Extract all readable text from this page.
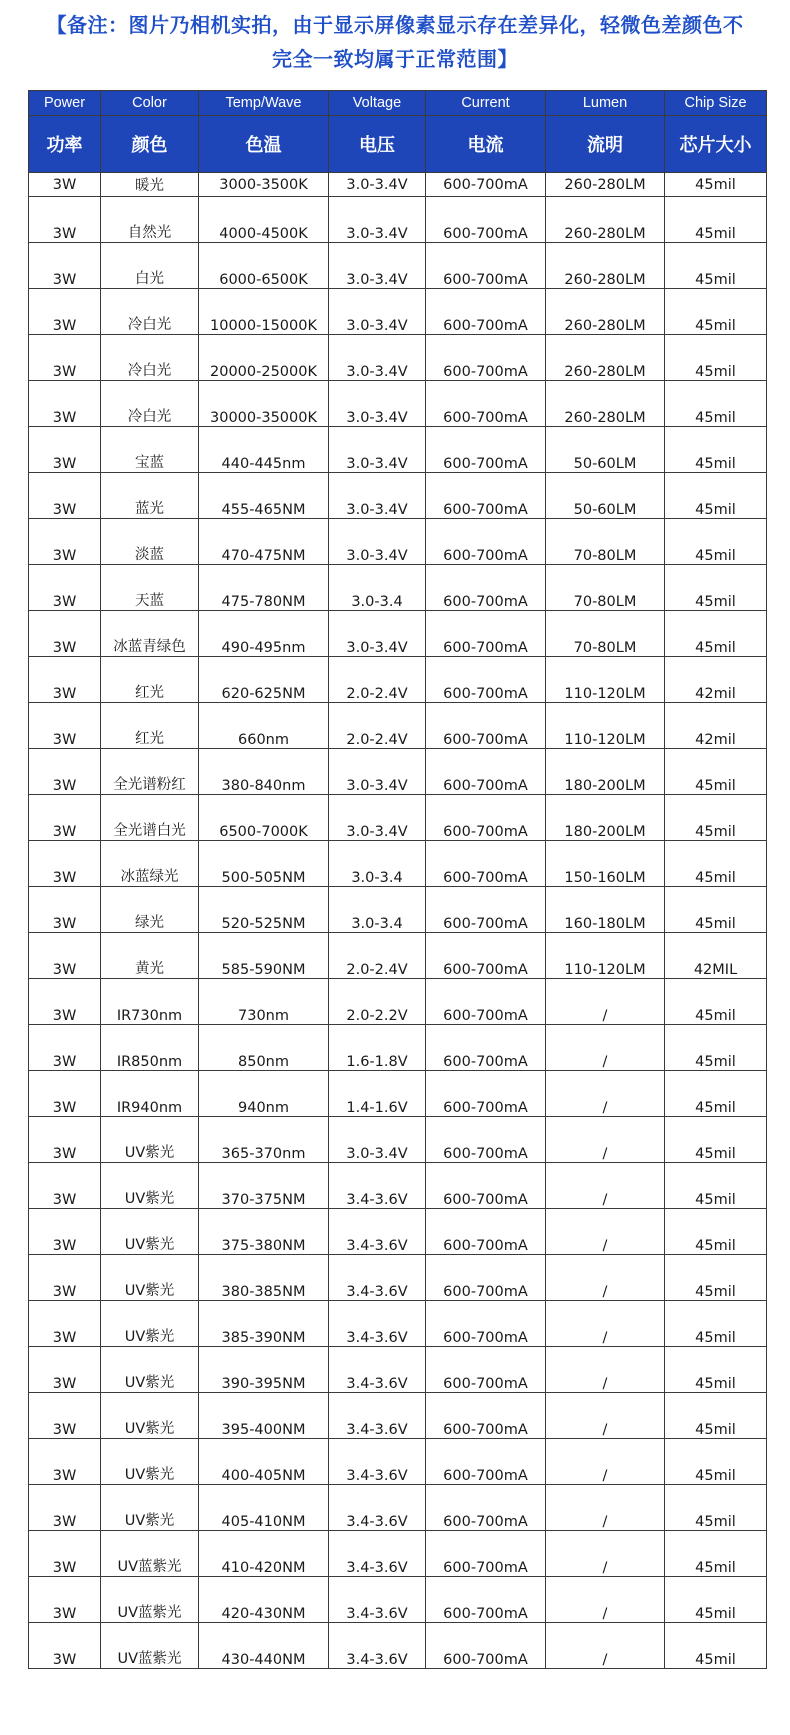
【备注：图片乃相机实拍，由于显示屏像素显示存在差异化，轻微色差颜色不
完全一致均属于正常范围】
Power	Color	Temp/Wave	Voltage	Current	Lumen	Chip Size
功率	颜色	色温	电压	电流	流明	芯片大小
3W	暖光	3000-3500K	3.0-3.4V	600-700mA	260-280LM	45mil
3W	自然光	4000-4500K	3.0-3.4V	600-700mA	260-280LM	45mil
3W	白光	6000-6500K	3.0-3.4V	600-700mA	260-280LM	45mil
3W	冷白光	10000-15000K	3.0-3.4V	600-700mA	260-280LM	45mil
3W	冷白光	20000-25000K	3.0-3.4V	600-700mA	260-280LM	45mil
3W	冷白光	30000-35000K	3.0-3.4V	600-700mA	260-280LM	45mil
3W	宝蓝	440-445nm	3.0-3.4V	600-700mA	50-60LM	45mil
3W	蓝光	455-465NM	3.0-3.4V	600-700mA	50-60LM	45mil
3W	淡蓝	470-475NM	3.0-3.4V	600-700mA	70-80LM	45mil
3W	天蓝	475-780NM	3.0-3.4	600-700mA	70-80LM	45mil
3W	冰蓝青绿色	490-495nm	3.0-3.4V	600-700mA	70-80LM	45mil
3W	红光	620-625NM	2.0-2.4V	600-700mA	110-120LM	42mil
3W	红光	660nm	2.0-2.4V	600-700mA	110-120LM	42mil
3W	全光谱粉红	380-840nm	3.0-3.4V	600-700mA	180-200LM	45mil
3W	全光谱白光	6500-7000K	3.0-3.4V	600-700mA	180-200LM	45mil
3W	冰蓝绿光	500-505NM	3.0-3.4	600-700mA	150-160LM	45mil
3W	绿光	520-525NM	3.0-3.4	600-700mA	160-180LM	45mil
3W	黄光	585-590NM	2.0-2.4V	600-700mA	110-120LM	42MIL
3W	IR730nm	730nm	2.0-2.2V	600-700mA	/	45mil
3W	IR850nm	850nm	1.6-1.8V	600-700mA	/	45mil
3W	IR940nm	940nm	1.4-1.6V	600-700mA	/	45mil
3W	UV紫光	365-370nm	3.0-3.4V	600-700mA	/	45mil
3W	UV紫光	370-375NM	3.4-3.6V	600-700mA	/	45mil
3W	UV紫光	375-380NM	3.4-3.6V	600-700mA	/	45mil
3W	UV紫光	380-385NM	3.4-3.6V	600-700mA	/	45mil
3W	UV紫光	385-390NM	3.4-3.6V	600-700mA	/	45mil
3W	UV紫光	390-395NM	3.4-3.6V	600-700mA	/	45mil
3W	UV紫光	395-400NM	3.4-3.6V	600-700mA	/	45mil
3W	UV紫光	400-405NM	3.4-3.6V	600-700mA	/	45mil
3W	UV紫光	405-410NM	3.4-3.6V	600-700mA	/	45mil
3W	UV蓝紫光	410-420NM	3.4-3.6V	600-700mA	/	45mil
3W	UV蓝紫光	420-430NM	3.4-3.6V	600-700mA	/	45mil
3W	UV蓝紫光	430-440NM	3.4-3.6V	600-700mA	/	45mil
